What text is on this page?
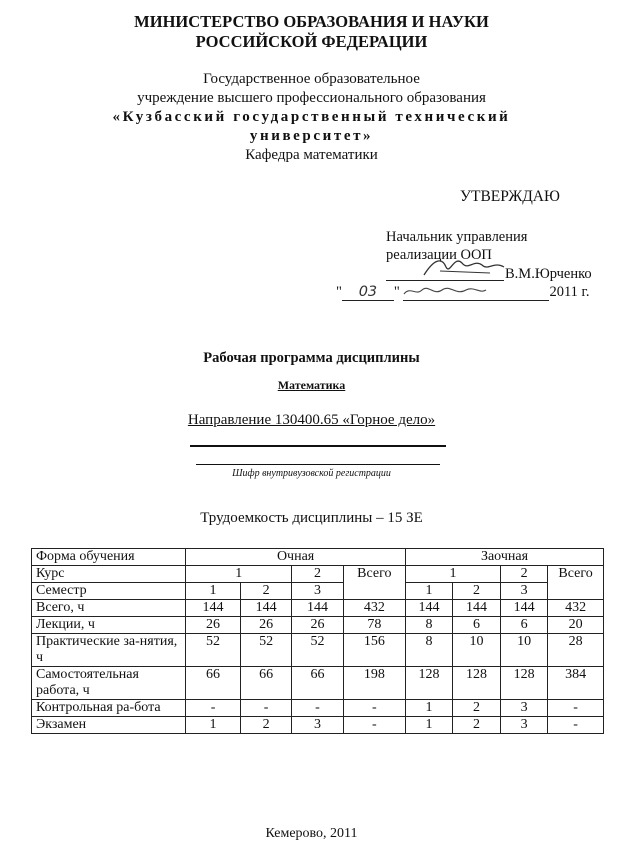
МИНИСТЕРСТВО ОБРАЗОВАНИЯ И НАУКИ
РОССИЙСКОЙ ФЕДЕРАЦИИ
Государственное образовательное
учреждение высшего профессионального образования
«Кузбасский государственный технический
университет»
Кафедра математики
УТВЕРЖДАЮ
Начальник управления
реализации ООП
В.М.Юрченко
" 03 "	2011 г.
Рабочая программа дисциплины
Математика
Направление 130400.65 «Горное дело»
Шифр внутривузовской регистрации
Трудоемкость дисциплины – 15 ЗЕ
Форма обучения	Очная				Заочная			
Курс	1		2	Всего	1		2	Всего
Семестр	1	2	3		1	2	3	
Всего, ч	144	144	144	432	144	144	144	432
Лекции, ч	26	26	26	78	8	6	6	20
Практические за-нятия, ч	52	52	52	156	8	10	10	28
Самостоятельная работа, ч	66	66	66	198	128	128	128	384
Контрольная ра-бота	-	-	-	-	1	2	3	-
Экзамен	1	2	3	-	1	2	3	-
Кемерово, 2011
